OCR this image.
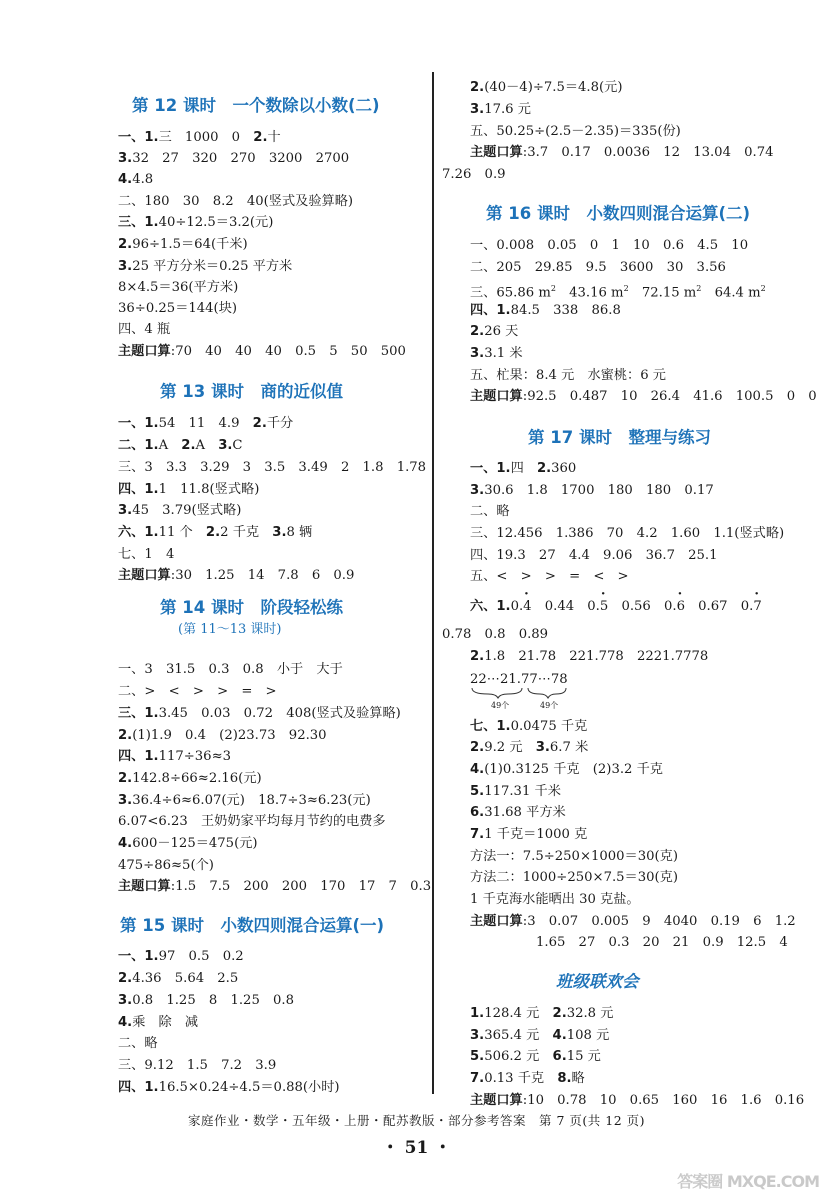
第 12 课时　一个数除以小数(二)
一、1.三　1000　0　2.十
3.32　27　320　270　3200　2700
4.4.8
二、180　30　8.2　40(竖式及验算略)
三、1.40÷12.5＝3.2(元)
2.96÷1.5＝64(千米)
3.25 平方分米＝0.25 平方米
8×4.5＝36(平方米)
36÷0.25＝144(块)
四、4 瓶
主题口算:70　40　40　40　0.5　5　50　500
第 13 课时　商的近似值
一、1.54　11　4.9　2.千分
二、1.A　2.A　3.C
三、3　3.3　3.29　3　3.5　3.49　2　1.8　1.78
四、1.1　11.8(竖式略)
3.45　3.79(竖式略)
六、1.11 个　2.2 千克　3.8 辆
七、1　4
主题口算:30　1.25　14　7.8　6　0.9
第 14 课时　阶段轻松练
(第 11～13 课时)
一、3　31.5　0.3　0.8　小于　大于
二、>　<　>　>　=　>
三、1.3.45　0.03　0.72　408(竖式及验算略)
2.(1)1.9　0.4　(2)23.73　92.30
四、1.117÷36≈3
2.142.8÷66≈2.16(元)
3.36.4÷6≈6.07(元)　18.7÷3≈6.23(元)
6.07<6.23　王奶奶家平均每月节约的电费多
4.600－125＝475(元)
475÷86≈5(个)
主题口算:1.5　7.5　200　200　170　17　7　0.3
第 15 课时　小数四则混合运算(一)
一、1.97　0.5　0.2
2.4.36　5.64　2.5
3.0.8　1.25　8　1.25　0.8
4.乘　除　减
二、略
三、9.12　1.5　7.2　3.9
四、1.16.5×0.24÷4.5＝0.88(小时)
2.(40－4)÷7.5＝4.8(元)
3.17.6 元
五、50.25÷(2.5－2.35)＝335(份)
主题口算:3.7　0.17　0.0036　12　13.04　0.74
7.26　0.9
第 16 课时　小数四则混合运算(二)
一、0.008　0.05　0　1　10　0.6　4.5　10
二、205　29.85　9.5　3600　30　3.56
三、65.86 $m^2$　 43.16 $m^2$　 72.15 $m^2$　 64.4 $m^2$
四、1.84.5　338　86.8
2.26 天
3.3.1 米
五、杧果：8.4 元　水蜜桃：6 元
主题口算:92.5　0.487　10　26.4　41.6　100.5　0　0
第 17 课时　整理与练习
一、1.四　2.360
3.30.6　1.8　1700　180　180　0.17
二、略
三、12.456　1.386　70　4.2　1.60　1.1(竖式略)
四、19.3　27　4.4　9.06　36.7　25.1
五、<　>　>　=　<　>
六、1.0.· 4　0.44　0.· 5　0.56　0.· 6　0.67　0.· 7
0.78　0.8　0.89
2.1.8　21.78　221.778　2221.7778
22⋯21.77⋯78
49个	49个
七、1.0.0475 千克
2.9.2 元　3.6.7 米
4.(1)0.3125 千克　(2)3.2 千克
5.117.31 千米
6.31.68 平方米
7.1 千克＝1000 克
方法一：7.5÷250×1000＝30(克)
方法二：1000÷250×7.5＝30(克)
1 千克海水能晒出 30 克盐。
主题口算:3　0.07　0.005　9　4040　0.19　6　1.2
1.65　27　0.3　20　21　0.9　12.5　4
班级联欢会
1.128.4 元　2.32.8 元
3.365.4 元　4.108 元
5.506.2 元　6.15 元
7.0.13 千克　8.略
主题口算:10　0.78　10　0.65　160　16　1.6　0.16
家庭作业・数学・五年级・上册・配苏教版・部分参考答案　第 7 页(共 12 页)
・ 51 ・
答案圈 MXQE.COM
